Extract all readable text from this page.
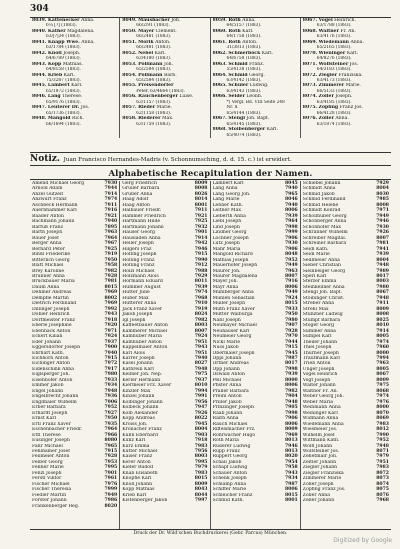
304
8039. Kattenecker Anna.
6¼ [?] (1883).
8040. Kather Magdalena.
63/[?]34 (1883).
8041. Knapp Wwe. Anna.
63/1784 (1883).
8042. Knoll Joseph.
64/6789 (1883).
8043. Kopp Mathias.
64/8158 (1883).
8044. Krieb Karl.
75/3287 (1883).
8045. Lambert Karl.
65/1872 (1883).
8046. Lang Therese.
65/9176 (1883).
8047. Leuterer Dr. Jos.
65/1736 (1883).
8048. Mangold Rich.
66/1694 (1883).
8049. Mäusbacher Joh.
66/2/91 (1883).
8050. Mayer Clement.
66/2481 (1883).
8051. Morik Anton.
66/2481 (1883).
8052. Nebel Karl.
63/4180 (1883).
8053. Pöllmann Joh.
65/2584 (1883).
8054. Pöllmann Barb.
65/2584 (1883).
8055. Preisendörfer
Peter. 63/4664 (1883).
8056. Rauchenberger Luise.
63/1157 (1883).
8057. Rieder Marie.
62/1158 (1883).
8058. Riederer Max.
63/1759 (1883).
8059. Roth Anna.
64/5157 (1883).
8060. Roth Karl.
64/1758 (1883).
8061. Roth Anton.
31/3813 (1883).
8062. Schmerböck Karl.
64/6758 (1883).
8063. Schmid Franz.
55/4138 (1883).
8064. Schmid Georg.
63/4142 (1883).
8065. Schuler Ludwig.
63/4143 (1883).
8066. Seider Leonh.
*) Vergl. Bd. VIII Seite 248
Nr. 8.
65/4144 (1883).
8067. Stengl Joh. Bapt.
65/4145 (1883).
8068. Stoibenberger Karl.
65/4074 (1883).
8067. Vogel Heinrich.
63/1788 (1883).
8068. Waltner Fr. An.
63/4176 (1883).
8069. Wiedemann Anna.
65/2165 (1883).
8070. Wieninger Karl.
64/8276 (1883).
8071. Wolfsteiner Jos.
64/3183 (1883).
8072. Ziegler Franziska.
63/4173 (1883).
8073. Zimmerer Marie.
66/5133 (1883).
8074. Zoller Joseph.
63/4185 (1883).
8075. Zöpfing Franz Jos.
66/4128 (1883).
8076. Zöller Anna.
63/1874 (1883).
Notiz. Juan Francisco Hernandes-Madris (v. Schonnumsching, d. d. 15. c.) ist erwidert.
Alphabetische Recapitulation der Namen.
Amend Michael Georg	7930
Arnold Adam	7944
Anzel Gutzeit	7914
Anzwurt Franz	7974
Aschbeck Hermann	7911
Auernhammer Karl	7916
Baader Anton	7921
Bachmann Johann	7940
Bärfuß Franz	7895
Barth Joseph	7963
Bauer Josef	7964
Berger Anna	7967
Bernard Peter	7925
Bindl Friederike	7919
Bitterlich Georg	7950
Blatt Michael	7958
Brey Karoline	7982
Brunner Anna	7928
Bruckbauer Maria	7981
Daum Anna	8015
Dehmer Andreas	7969
Dempfle Martin	8002
Dietrich Ferdinand	7969
Dillinger Joseph	7992
Dobler Heinrich	7943
Dorfmeister Franz	7918
Eberle Josephine	7920
Ebenhack Anton	7971
Eckert Kilian	7924
Eder Johann	7937
Eggersdorfer Joseph	7900
Ehrhart Kath.	7940
Eichhorn Anton	7915
Eichinger Anton	7972
Eidenschink Anna	7917
Eiglsperger Joh.	7980
Eisenhofer Anton	7933
Emmer Jakob	7934
Engel Johann	7948
Engelbrecht Johann	7936
Englmaier Wilhelm	7906
Erber Barbara	7952
Erhardt Joseph	7927
Ernst Karl	7950
Ertl Franz Xaver	7935
Eschenbacher Friedr.	7964
Ettl Therese	7966
Eusinger Joseph	8080
Fahr Michael	7965
Fehlhamer Josef	7915
Feilmeier Anton	7928
Felber Georg	7953
Fellner Marie	7995
Fenzl Joseph	7901
Ferstl Viktor	7961
Fischer Michael	7976
Fischer Theresia	7999
Fiedler Martin	7949
Forster Johann	7986
Frankenberger Reg.	8020
Gerg Friedrich	8009
Gruller Barbara	8008
Gruber Anna	8026
Haag Adolf	8014
Haag Anton	8001
Halbauer Friedr.	7911
Hammer Friedrich	7921
Hartmann Hilde	7925
Hartmann Johann	7932
Hauser Georg	7901
Hausladen Anna	7914
Heller Joseph	7942
Hilgers Fraz	7946
Höfling Joseph	7915
Höfling Franz	7990
Höfling Franz	7912
Hölzl Michael	7988
Holzmann Alois	7929
Hörmann Eduard	8011
Hummer August	7939
Hutter Julie	7974
Huber Max	7968
Hutterer Anna	7910
Jack Franz Xaver	7919
Jakob Joseph	8024
Igl Joseph	7982
Kaffeetbauer Anton	8003
Kammerer Michael	8007
Kamhuber Maria	7924
Kamhuber Anton	7951
Kappelmaier Anton	7943
Karl Alois	7951
Karrer Joseph	7940
Kasel Johann	8027
Kathrein Karl	7948
Kellner Joh. Nep.	7975
Kerler Hermann	7937
Kiermeier Frz. Xaver	8010
Kinzler Max	7994
Kinzel Johann	7991
Kolbinger Johann	7956
Kolbeck Johann	7947
Kolb Alexander	7926
Kopp Andreas	8022
Kroiss Joh.	7945
Kronacher Franz	8004
Kuhn Eberhard	7903
Kunz Karl	7918
Kurz Emma	7983
Kutter Michael	7956
Kaiser Franz	8003
Kerer Anton	7995
Kiefer Rudolf	7979
Knab Elisabeth	7983
Knöpfle Karl	8015
Knoll Johann	8009
Kopp Mathias	8043
Krieb Karl	8044
Kistenberger Jakob	7997
Lambert Karl	8045
Lang Anna	7940
Lang Georg Joh.	7965
Lang Marie	8046
Lehner Kath.	7940
Leitner Max	8006
Lieberth Anna	7939
Liebl Joseph	7964
Lind Joseph	7998
Lindner Georg	7999
Lochner Joseph	7906
Lutz Joseph	7930
Mahr Maria	7906
Mangold Richard	8048
Mathias Joseph	7952
Mauerhofer Joseph	7949
Maurer Joh.	7963
Maurer Magdalena	8007
Mayer Joh.	7916
Mayr Anna	8006
Mühlberger Anna	7949
Mühlen Sebastian	7924
Müller Joseph	8015
Muth Franz Xaver	7933
Mutter Walburga	7950
Naßl Joseph	7980
Neumayer Michael	7907
Neuhäuser Karl	7928
Neumeier Georg	7970
Nickl Marie	7944
Nuss Jakob	7915
Obermaier Joseph	7945
Oppl Johann	7987
Ortner Andreas	8017
Opp Johann	7998
Oswald Anton	7939
Pell Michael	8000
Pfister Anna	8006
Praller Barbara	7982
Preinl Anton	7904
Priller Jakob	7948
Prinzinger Joseph	7905
Raab Johann	7998
Raith Anna	7906
Rauch Michael	8006
Riffelsmacher Frz.	8009
Rohrwacher Hugo	7969
Roth Maria	8013
Ruderer Ludwig	7946
Rupp Franz	8013
Ruppert Georg	8020
Schall Jakob	7954
Schapf Ludwig	7958
Schauer Anton	7943
Schenk Joseph	7934
Schlamp Anna	7987
Schiffer Marie	8006
Schleicher Franz	8015
Schmid Kath.	8001
Schiebel Johann	7929
Schmidt Anna	8004
Schmid Jakob	8030
Schmid Ferdinand	7985
Schmid Helene	8008
Schmidt Konrad	7971
Schöllhuber Georg	7949
Schönberger Anna	7946
Schönhofer Max	7930
Schranner Wilhelm	7926
Schreiber Magdal.	8007
Schreiner Barbara	7981
Seidl Kath.	7941
Seidl Marie	7939
Sedlmeier Anna	8004
Sieber Christian	7948
Sieinbeiger Georg	7989
Sperl Karl	8017
Sterzer Emma	8003
Steinkellner Anna	7980
Stengl Joh. Bapt.	8067
Stoibinger Christ.	7948
Streber Anna	7911
Strehl Max	8009
Stünzner Ludwig	8008
Stumpf Barbara	8025
Stöger Georg	8010
Summer Anna	7914
Sümpel Karl	8005
Theiler Johann	7974
Thiel Joseph	7960
Thurner Joseph	8000
Trautmann Karl	7994
Trieb Anton	7963
Unger Joseph	8005
Vogel Heinrich	8067
Vogt Joseph	8009
Walter Johann	7975
Waltner Fr. An.	8068
Weber Georg Joh.	7974
Weber Maria	7976
Weinmann Anna	8000
Weininger Karl	8070
Widmann Anna	8069
Wiedemann Anna	7983
Wiesmeier Jos.	8012
Wilhelm Josef	7990
Wittmann Kath.	7952
Wölfl Johann	7948
Wolfsteiner Jos.	8071
Zehetmair Joh.	7979
Zeitler Johann	7951
Ziegler Johann	7983
Ziegler Franziska	8072
Zimmerer Marie	8073
Zoller Joseph	8074
Zöpfing Franz Jos.	8075
Zöller Anna	8076
Zeller Johann	7968
Druck der Dr. Wild'schen Buchdruckerei (Gebr. Parcus) München.
Digitized by Google
